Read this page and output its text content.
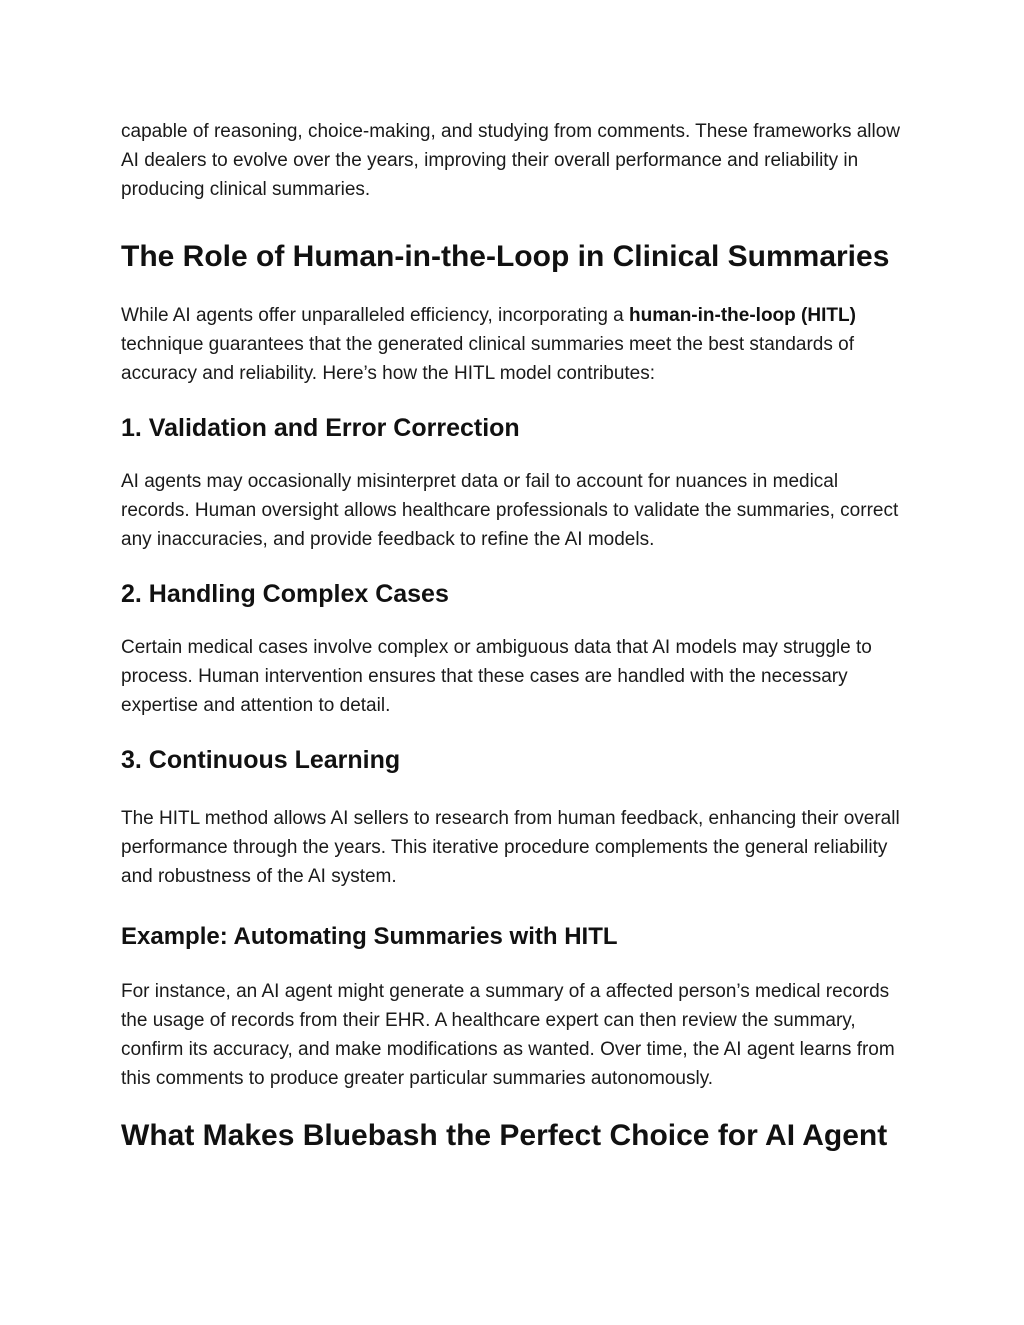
capable of reasoning, choice-making, and studying from comments. These frameworks allow AI dealers to evolve over the years, improving their overall performance and reliability in producing clinical summaries.

The Role of Human-in-the-Loop in Clinical Summaries

While AI agents offer unparalleled efficiency, incorporating a human-in-the-loop (HITL) technique guarantees that the generated clinical summaries meet the best standards of accuracy and reliability. Here’s how the HITL model contributes:

1. Validation and Error Correction

AI agents may occasionally misinterpret data or fail to account for nuances in medical records. Human oversight allows healthcare professionals to validate the summaries, correct any inaccuracies, and provide feedback to refine the AI models.

2. Handling Complex Cases

Certain medical cases involve complex or ambiguous data that AI models may struggle to process. Human intervention ensures that these cases are handled with the necessary expertise and attention to detail.

3. Continuous Learning

The HITL method allows AI sellers to research from human feedback, enhancing their overall performance through the years. This iterative procedure complements the general reliability and robustness of the AI system.

Example: Automating Summaries with HITL

For instance, an AI agent might generate a summary of a affected person’s medical records the usage of records from their EHR. A healthcare expert can then review the summary, confirm its accuracy, and make modifications as wanted. Over time, the AI agent learns from this comments to produce greater particular summaries autonomously.

What Makes Bluebash the Perfect Choice for AI Agent
